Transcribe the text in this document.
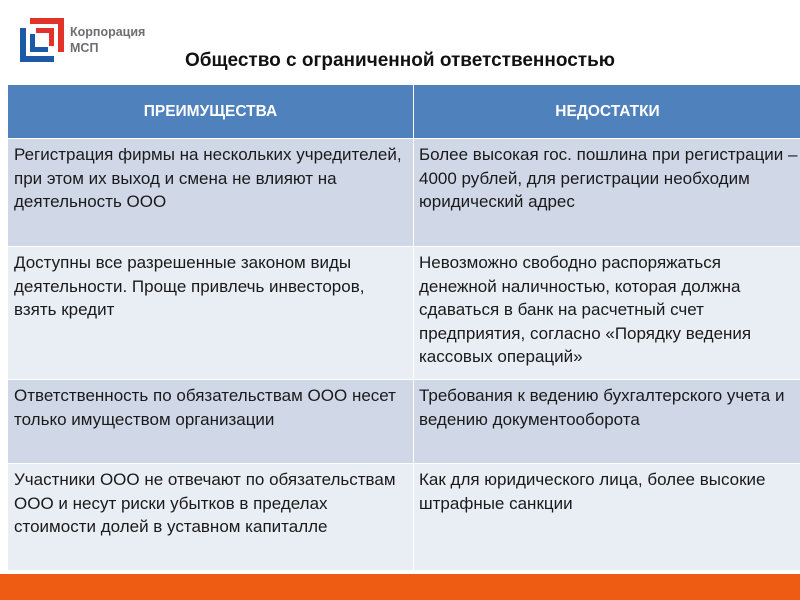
Корпорация
МСП
Общество с ограниченной ответственностью
ПРЕИМУЩЕСТВА	НЕДОСТАТКИ
Регистрация фирмы на нескольких учредителей, при этом их выход и смена не влияют на деятельность ООО	Более высокая гос. пошлина при регистрации – 4000 рублей, для регистрации необходим юридический адрес
Доступны все разрешенные законом виды деятельности. Проще привлечь инвесторов, взять кредит	Невозможно свободно распоряжаться денежной наличностью, которая должна сдаваться в банк на расчетный счет предприятия, согласно «Порядку ведения кассовых операций»
Ответственность по обязательствам ООО несет только имуществом организации	Требования к ведению бухгалтерского учета и ведению документооборота
Участники ООО не отвечают по обязательствам ООО и несут риски убытков в пределах стоимости долей в уставном капиталле	Как для юридического лица, более высокие штрафные санкции
